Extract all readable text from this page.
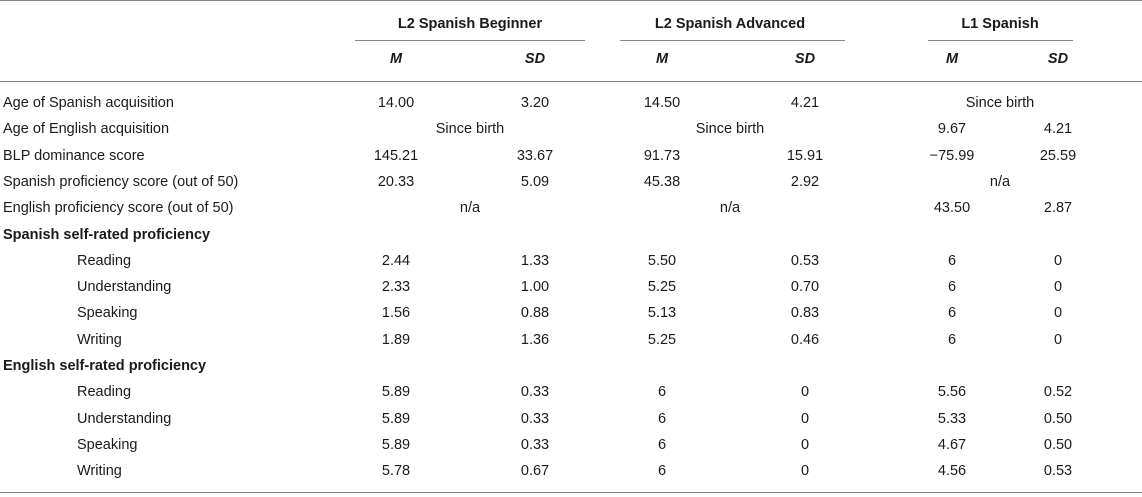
L2 Spanish Beginner	L2 Spanish Advanced	L1 Spanish
M	SD	M	SD	M	SD
Age of Spanish acquisition	14.00	3.20	14.50	4.21	Since birth
Age of English acquisition	Since birth	Since birth	9.67	4.21
BLP dominance score	145.21	33.67	91.73	15.91	−75.99	25.59
Spanish proficiency score (out of 50)	20.33	5.09	45.38	2.92	n/a
English proficiency score (out of 50)	n/a	n/a	43.50	2.87
Spanish self-rated proficiency
Reading	2.44	1.33	5.50	0.53	6	0
Understanding	2.33	1.00	5.25	0.70	6	0
Speaking	1.56	0.88	5.13	0.83	6	0
Writing	1.89	1.36	5.25	0.46	6	0
English self-rated proficiency
Reading	5.89	0.33	6	0	5.56	0.52
Understanding	5.89	0.33	6	0	5.33	0.50
Speaking	5.89	0.33	6	0	4.67	0.50
Writing	5.78	0.67	6	0	4.56	0.53
